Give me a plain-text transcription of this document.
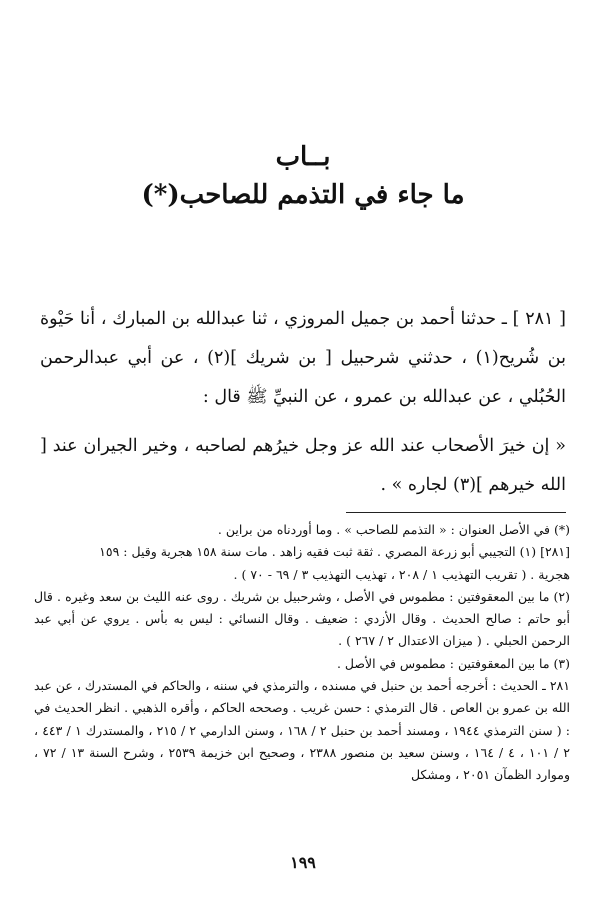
بــاب
ما جاء في التذمم للصاحب(*)

[ ٢٨١ ] ـ حدثنا أحمد بن جميل المروزي ، ثنا عبدالله بن المبارك ، أنا حَيْوة بن شُريح(١) ، حدثني شرحبيل [ بن شريك ](٢) ، عن أبي عبدالرحمن الحُبُلي ، عن عبدالله بن عمرو ، عن النبيِّ ﷺ قال :

« إن خيرَ الأصحاب عند الله عز وجل خيرُهم لصاحبه ، وخير الجيران عند [ الله خيرهم ](٣) لجاره » .

(*) في الأصل العنوان : « التذمم للصاحب » . وما أوردناه من براين .

[٢٨١] (١) التجيبي أبو زرعة المصري . ثقة ثبت فقيه زاهد . مات سنة ١٥٨ هجرية وقيل : ١٥٩

هجرية . ( تقريب التهذيب ١ / ٢٠٨ ، تهذيب التهذيب ٣ / ٦٩ - ٧٠ ) .

(٢) ما بين المعقوفتين : مطموس في الأصل ، وشرحبيل بن شريك . روى عنه الليث بن سعد وغيره . قال أبو حاتم : صالح الحديث . وقال الأزدي : ضعيف . وقال النسائي : ليس به بأس . يروي عن أبي عبد الرحمن الحبلي . ( ميزان الاعتدال ٢ / ٢٦٧ ) .

(٣) ما بين المعقوفتين : مطموس في الأصل .

٢٨١ ـ الحديث : أخرجه أحمد بن حنبل في مسنده ، والترمذي في سننه ، والحاكم في المستدرك ، عن عبد الله بن عمرو بن العاص . قال الترمذي : حسن غريب . وصححه الحاكم ، وأقره الذهبي . انظر الحديث في : ( سنن الترمذي ١٩٤٤ ، ومسند أحمد بن حنبل ٢ / ١٦٨ ، وسنن الدارمي ٢ / ٢١٥ ، والمستدرك ١ / ٤٤٣ ، ٢ / ١٠١ ، ٤ / ١٦٤ ، وسنن سعيد بن منصور ٢٣٨٨ ، وصحيح ابن خزيمة ٢٥٣٩ ، وشرح السنة ١٣ / ٧٢ ، وموارد الظمآن ٢٠٥١ ، ومشكل

١٩٩
